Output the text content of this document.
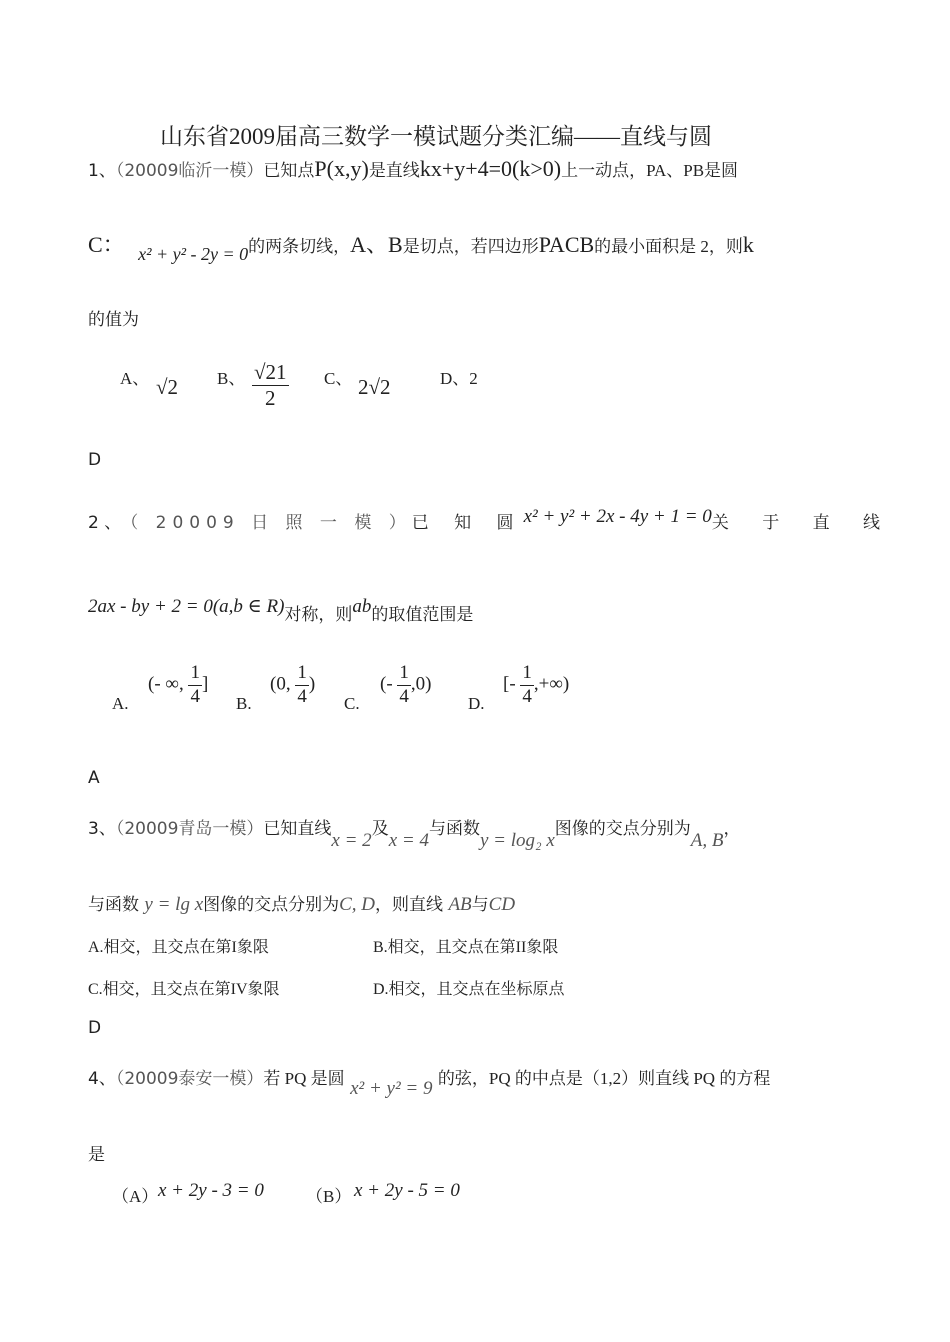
山东省2009届高三数学一模试题分类汇编——直线与圆
1、（20009临沂一模）已知点P(x,y)是直线kx+y+4=0(k>0)上一动点，PA、PB是圆
C： x² + y² - 2y = 0的两条切线，A、B是切点，若四边形PACB的最小面积是 2，则k
的值为
A、 √2 B、 $\frac{√21}{2}$ C、 2√2	D、2
D
2 、 （ 20009 日 照 一 模 ） 已 知 圆 x² + y² + 2x - 4y + 1 = 0 关 于 直 线
2ax - by + 2 = 0(a,b ∈ R)对称，则ab的取值范围是
A.
(- ∞, $\frac{1}{4}$ ]
B.
(0, $\frac{1}{4}$ )
C.
(- $\frac{1}{4} ,0$)
D.
[- $\frac{1}{4}$ ,+∞)
A
3、（20009青岛一模）已知直线x = 2及x = 4与函数y = log₂ x图像的交点分别为A, B，
与函数 y = lg x图像的交点分别为C, D，则直线 AB与CD
A.相交，且交点在第I象限	B.相交，且交点在第II象限
C.相交，且交点在第IV象限	D.相交，且交点在坐标原点
D
4、（20009泰安一模）若 PQ 是圆 x² + y² = 9 的弦，PQ 的中点是（1,2）则直线 PQ 的方程
是
（A） x + 2y - 3 = 0 （B） x + 2y - 5 = 0
